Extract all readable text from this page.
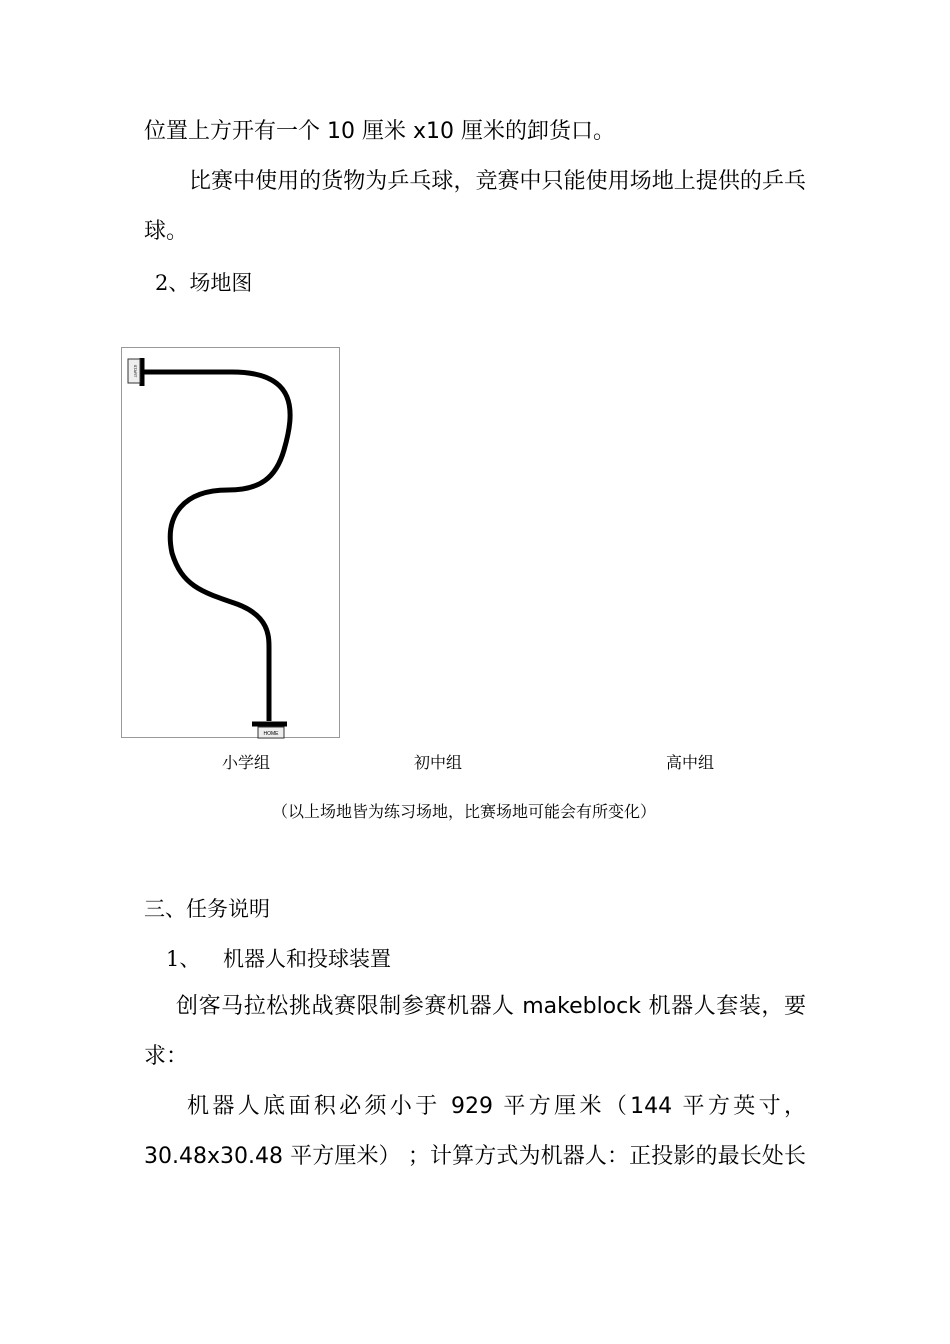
位置上方开有一个 10 厘米 x10 厘米的卸货口。
比赛中使用的货物为乒乓球，竞赛中只能使用场地上提供的乒乓
球。
2、场地图
START
HOME
小学组	初中组	高中组
（以上场地皆为练习场地，比赛场地可能会有所变化）
三、任务说明
1、 机器人和投球装置
创客马拉松挑战赛限制参赛机器人 makeblock 机器人套装，要
求：
机器人底面积必须小于 929 平方厘米（144 平方英寸，
30.48x30.48 平方厘米） ；计算方式为机器人：正投影的最长处长
